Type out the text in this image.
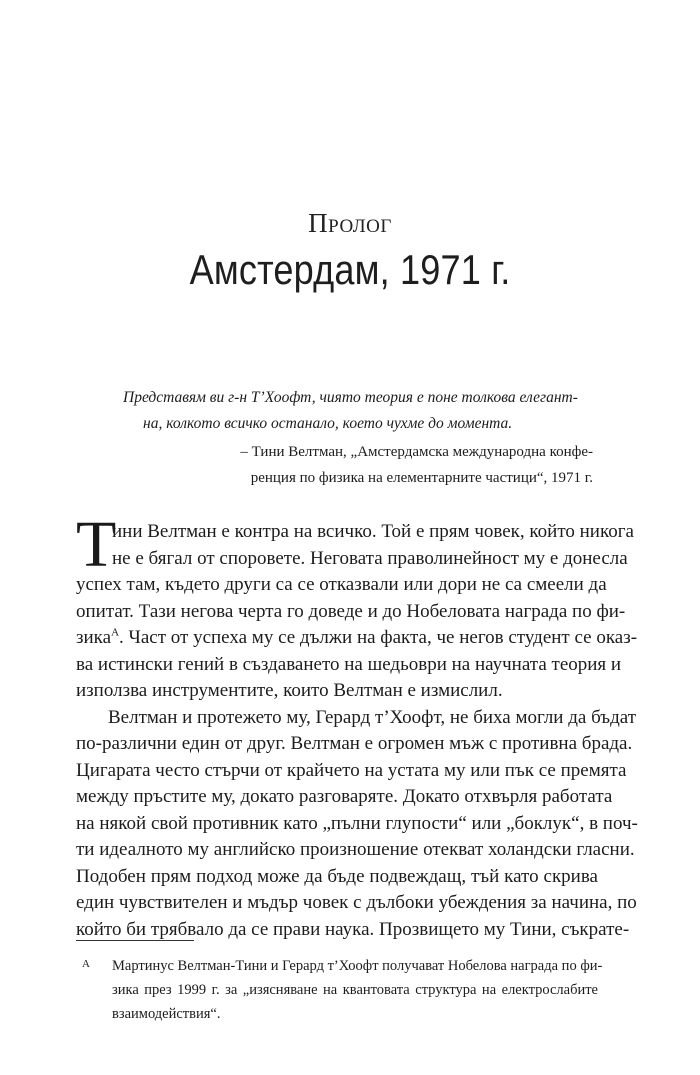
Пролог
Амстердам, 1971 г.
Представям ви г-н Т’Хоофт, чиято теория е поне толкова елегант-
на, колкото всичко останало, което чухме до момента.
– Тини Велтман, „Амстердамска международна конфе-
ренция по физика на елементарните частици“, 1971 г.
Т
ини Велтман е контра на всичко. Той е прям човек, който никога
не е бягал от споровете. Неговата праволинейност му е донесла
успех там, където други са се отказвали или дори не са смеели да
опитат. Тази негова черта го доведе и до Нобеловата награда по фи-
зика$^А$. Част от успеха му се дължи на факта, че негов студент се оказ-
ва истински гений в създаването на шедьоври на научната теория и
използва инструментите, които Велтман е измислил.
Велтман и протежето му, Герард т’Хоофт, не биха могли да бъдат
по-различни един от друг. Велтман е огромен мъж с противна брада.
Цигарата често стърчи от крайчето на устата му или пък се премята
между пръстите му, докато разговаряте. Докато отхвърля работата
на някой свой противник като „пълни глупости“ или „боклук“, в поч-
ти идеалното му английско произношение отекват холандски гласни.
Подобен прям подход може да бъде подвеждащ, тъй като скрива
един чувствителен и мъдър човек с дълбоки убеждения за начина, по
който би трябвало да се прави наука. Прозвището му Тини, съкрате-
А Мартинус Велтман-Тини и Герард т’Хоофт получават Нобелова награда по фи-
зика през 1999 г. за „изясняване на квантовата структура на електрослабите
взаимодействия“.
